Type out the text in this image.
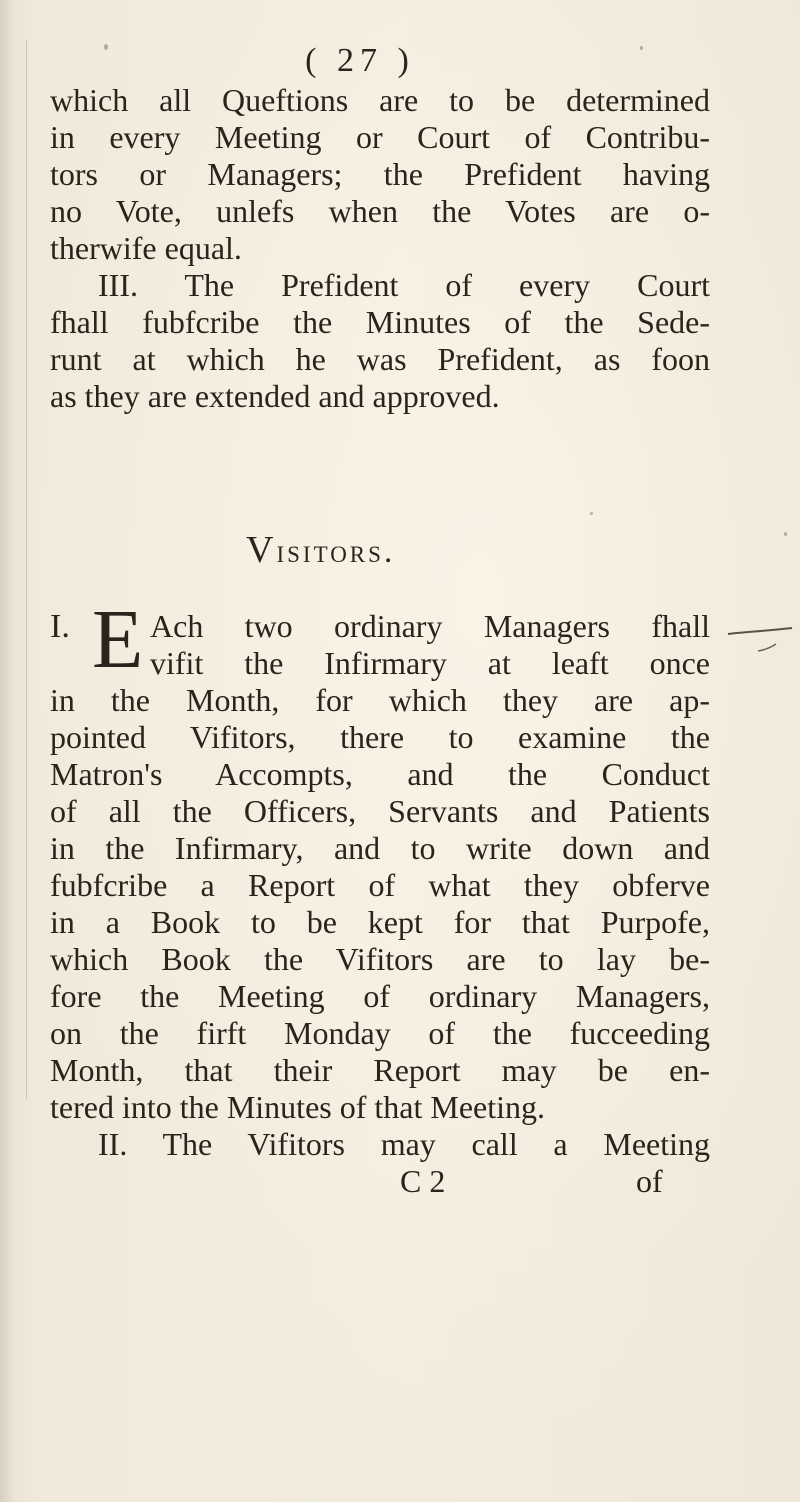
( 27 )
which all Queftions are to be determined
in every Meeting or Court of Contribu-
tors or Managers; the Prefident having
no Vote, unlefs when the Votes are o-
therwife equal.
III. The Prefident of every Court
fhall fubfcribe the Minutes of the Sede-
runt at which he was Prefident, as foon
as they are extended and approved.
Visitors.
I. E Ach two ordinary Managers fhall
vifit the Infirmary at leaft once
in the Month, for which they are ap-
pointed Vifitors, there to examine the
Matron's Accompts, and the Conduct
of all the Officers, Servants and Patients
in the Infirmary, and to write down and
fubfcribe a Report of what they obferve
in a Book to be kept for that Purpofe,
which Book the Vifitors are to lay be-
fore the Meeting of ordinary Managers,
on the firft Monday of the fucceeding
Month, that their Report may be en-
tered into the Minutes of that Meeting.
II. The Vifitors may call a Meeting
C 2	of
